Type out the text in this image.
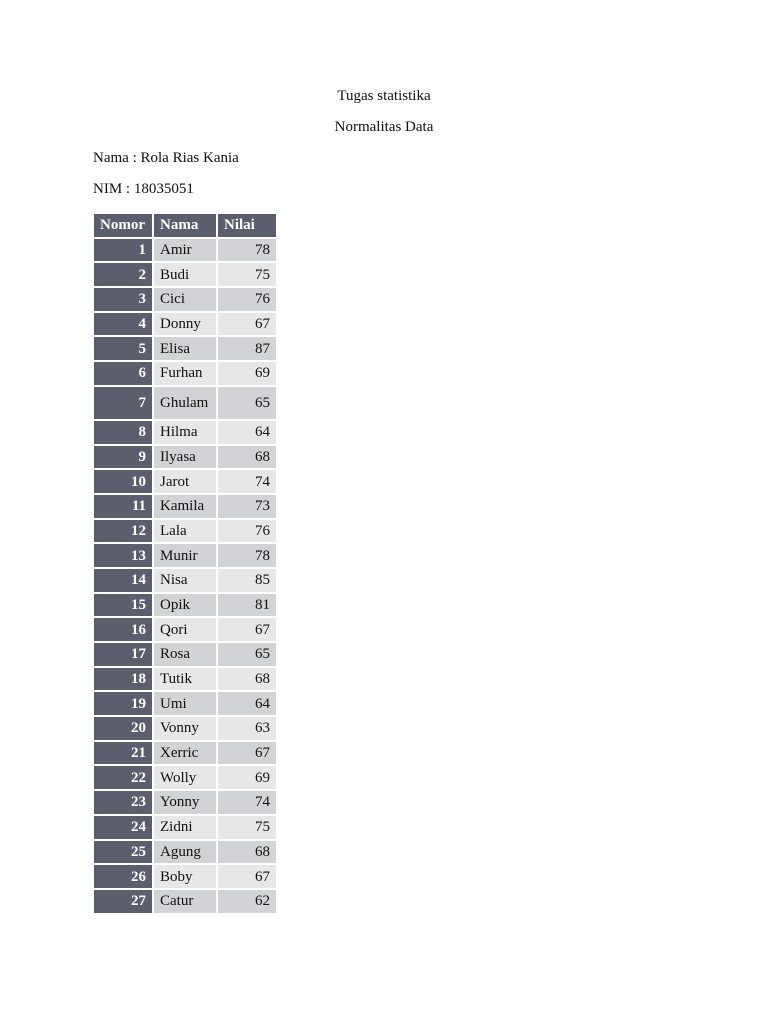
Tugas statistika
Normalitas Data
Nama : Rola Rias Kania
NIM : 18035051
Nomor	Nama	Nilai
1	Amir	78
2	Budi	75
3	Cici	76
4	Donny	67
5	Elisa	87
6	Furhan	69
7	Ghulam	65
8	Hilma	64
9	Ilyasa	68
10	Jarot	74
11	Kamila	73
12	Lala	76
13	Munir	78
14	Nisa	85
15	Opik	81
16	Qori	67
17	Rosa	65
18	Tutik	68
19	Umi	64
20	Vonny	63
21	Xerric	67
22	Wolly	69
23	Yonny	74
24	Zidni	75
25	Agung	68
26	Boby	67
27	Catur	62
